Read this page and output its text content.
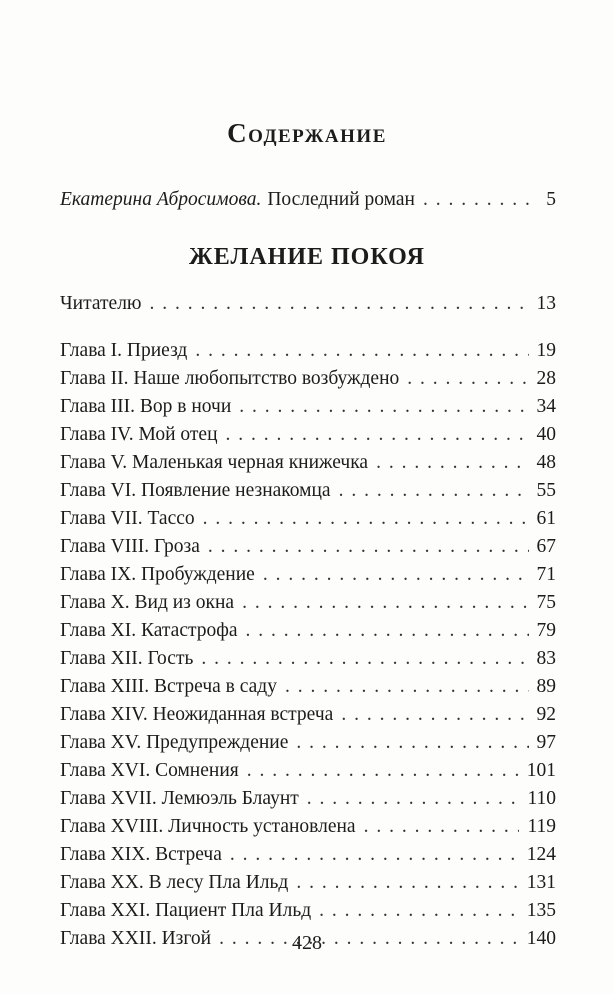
Содержание
Екатерина Абросимова. Последний роман . . .	5
ЖЕЛАНИЕ ПОКОЯ
Читателю . . .	13
Глава I. Приезд . . .	19
Глава II. Наше любопытство возбуждено . . .	28
Глава III. Вор в ночи . . .	34
Глава IV. Мой отец . . .	40
Глава V. Маленькая черная книжечка . . .	48
Глава VI. Появление незнакомца . . .	55
Глава VII. Тассо . . .	61
Глава VIII. Гроза . . .	67
Глава IX. Пробуждение . . .	71
Глава X. Вид из окна . . .	75
Глава XI. Катастрофа . . .	79
Глава XII. Гость . . .	83
Глава XIII. Встреча в саду . . .	89
Глава XIV. Неожиданная встреча . . .	92
Глава XV. Предупреждение . . .	97
Глава XVI. Сомнения . . .	101
Глава XVII. Лемюэль Блаунт . . .	110
Глава XVIII. Личность установлена . . .	119
Глава XIX. Встреча . . .	124
Глава XX. В лесу Пла Ильд . . .	131
Глава XXI. Пациент Пла Ильд . . .	135
Глава XXII. Изгой . . .	140
428
